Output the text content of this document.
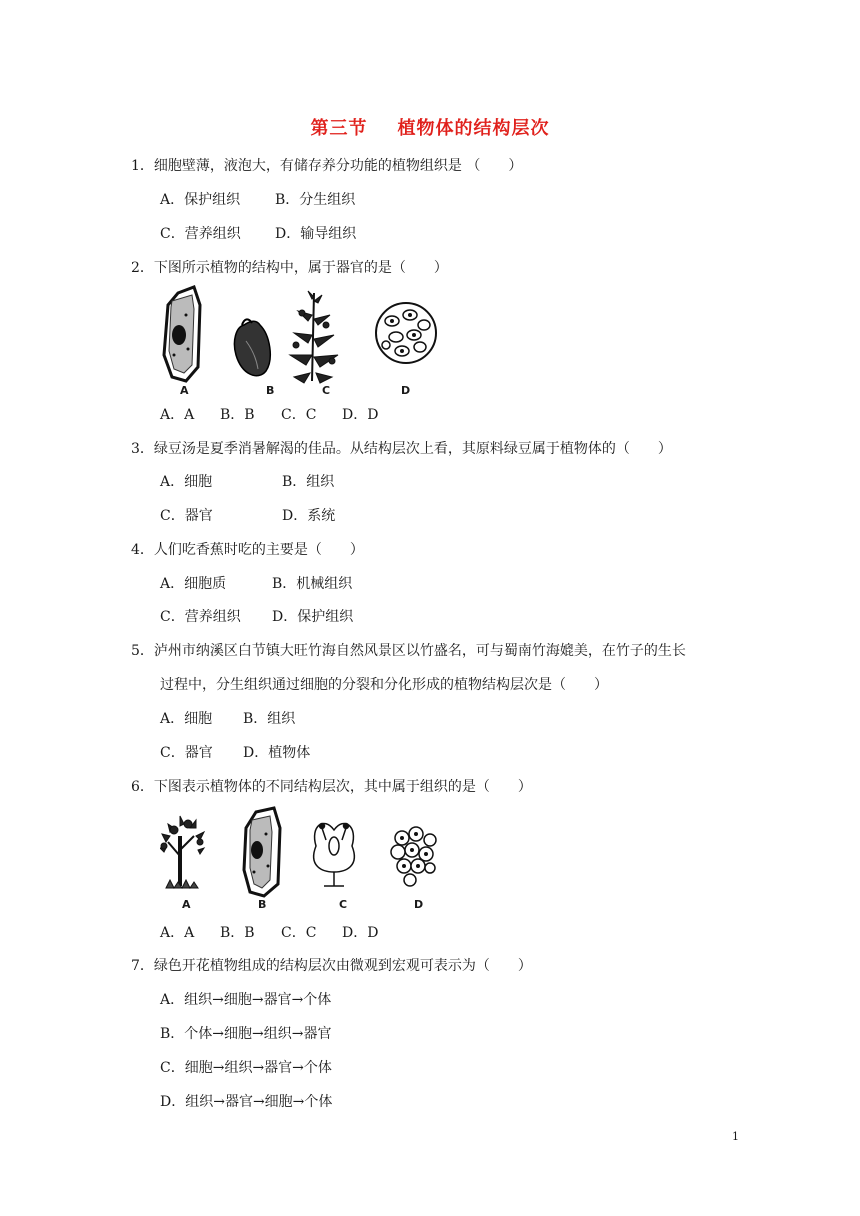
第三节 植物体的结构层次
1．细胞壁薄，液泡大，有储存养分功能的植物组织是 （　　）
A．保护组织 B．分生组织
C．营养组织 D．输导组织
2．下图所示植物的结构中，属于器官的是（　　）
A	B	C	D
A．A B．B C．C D．D
3．绿豆汤是夏季消暑解渴的佳品。从结构层次上看，其原料绿豆属于植物体的（　　）
A．细胞	B．组织
C．器官	D．系统
4．人们吃香蕉时吃的主要是（　　）
A．细胞质	B．机械组织
C．营养组织 D．保护组织
5．泸州市纳溪区白节镇大旺竹海自然风景区以竹盛名，可与蜀南竹海媲美，在竹子的生长
过程中，分生组织通过细胞的分裂和分化形成的植物结构层次是（　　）
A．细胞 B．组织
C．器官 D．植物体
6．下图表示植物体的不同结构层次，其中属于组织的是（　　）
A	B	C	D
A．A B．B C．C D．D
7．绿色开花植物组成的结构层次由微观到宏观可表示为（　　）
A．组织→细胞→器官→个体
B．个体→细胞→组织→器官
C．细胞→组织→器官→个体
D．组织→器官→细胞→个体
1
